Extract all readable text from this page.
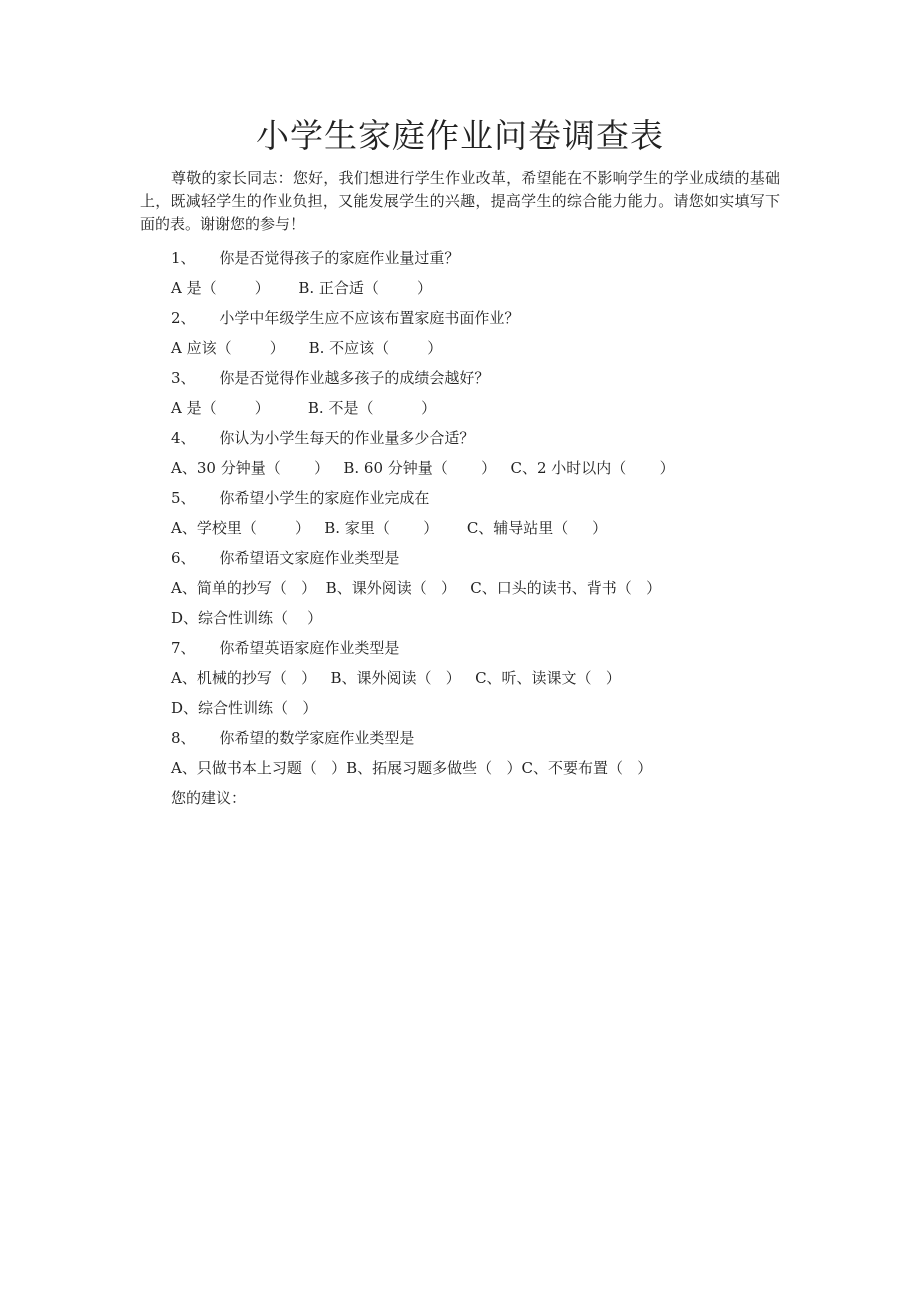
小学生家庭作业问卷调查表

尊敬的家长同志：您好，我们想进行学生作业改革，希望能在不影响学生的学业成绩的基础上，既减轻学生的作业负担，又能发展学生的兴趣，提高学生的综合能力能力。请您如实填写下面的表。谢谢您的参与！

1、     你是否觉得孩子的家庭作业量过重？

A 是（        ）      B. 正合适（        ）

2、     小学中年级学生应不应该布置家庭书面作业？

A 应该（        ）     B. 不应该（        ）

3、     你是否觉得作业越多孩子的成绩会越好？

A 是（        ）        B. 不是（          ）

4、     你认为小学生每天的作业量多少合适？

A、30 分钟量（       ）   B. 60 分钟量（       ）   C、2 小时以内（       ）

5、     你希望小学生的家庭作业完成在

A、学校里（        ）   B. 家里（       ）      C、辅导站里（     ）

6、     你希望语文家庭作业类型是

A、简单的抄写（   ）  B、课外阅读（   ）   C、口头的读书、背书（   ）

D、综合性训练（    ）

7、     你希望英语家庭作业类型是

A、机械的抄写（   ）   B、课外阅读（   ）   C、听、读课文（   ）

D、综合性训练（   ）

8、     你希望的数学家庭作业类型是

A、只做书本上习题（   ）B、拓展习题多做些（   ）C、不要布置（   ）

您的建议：
